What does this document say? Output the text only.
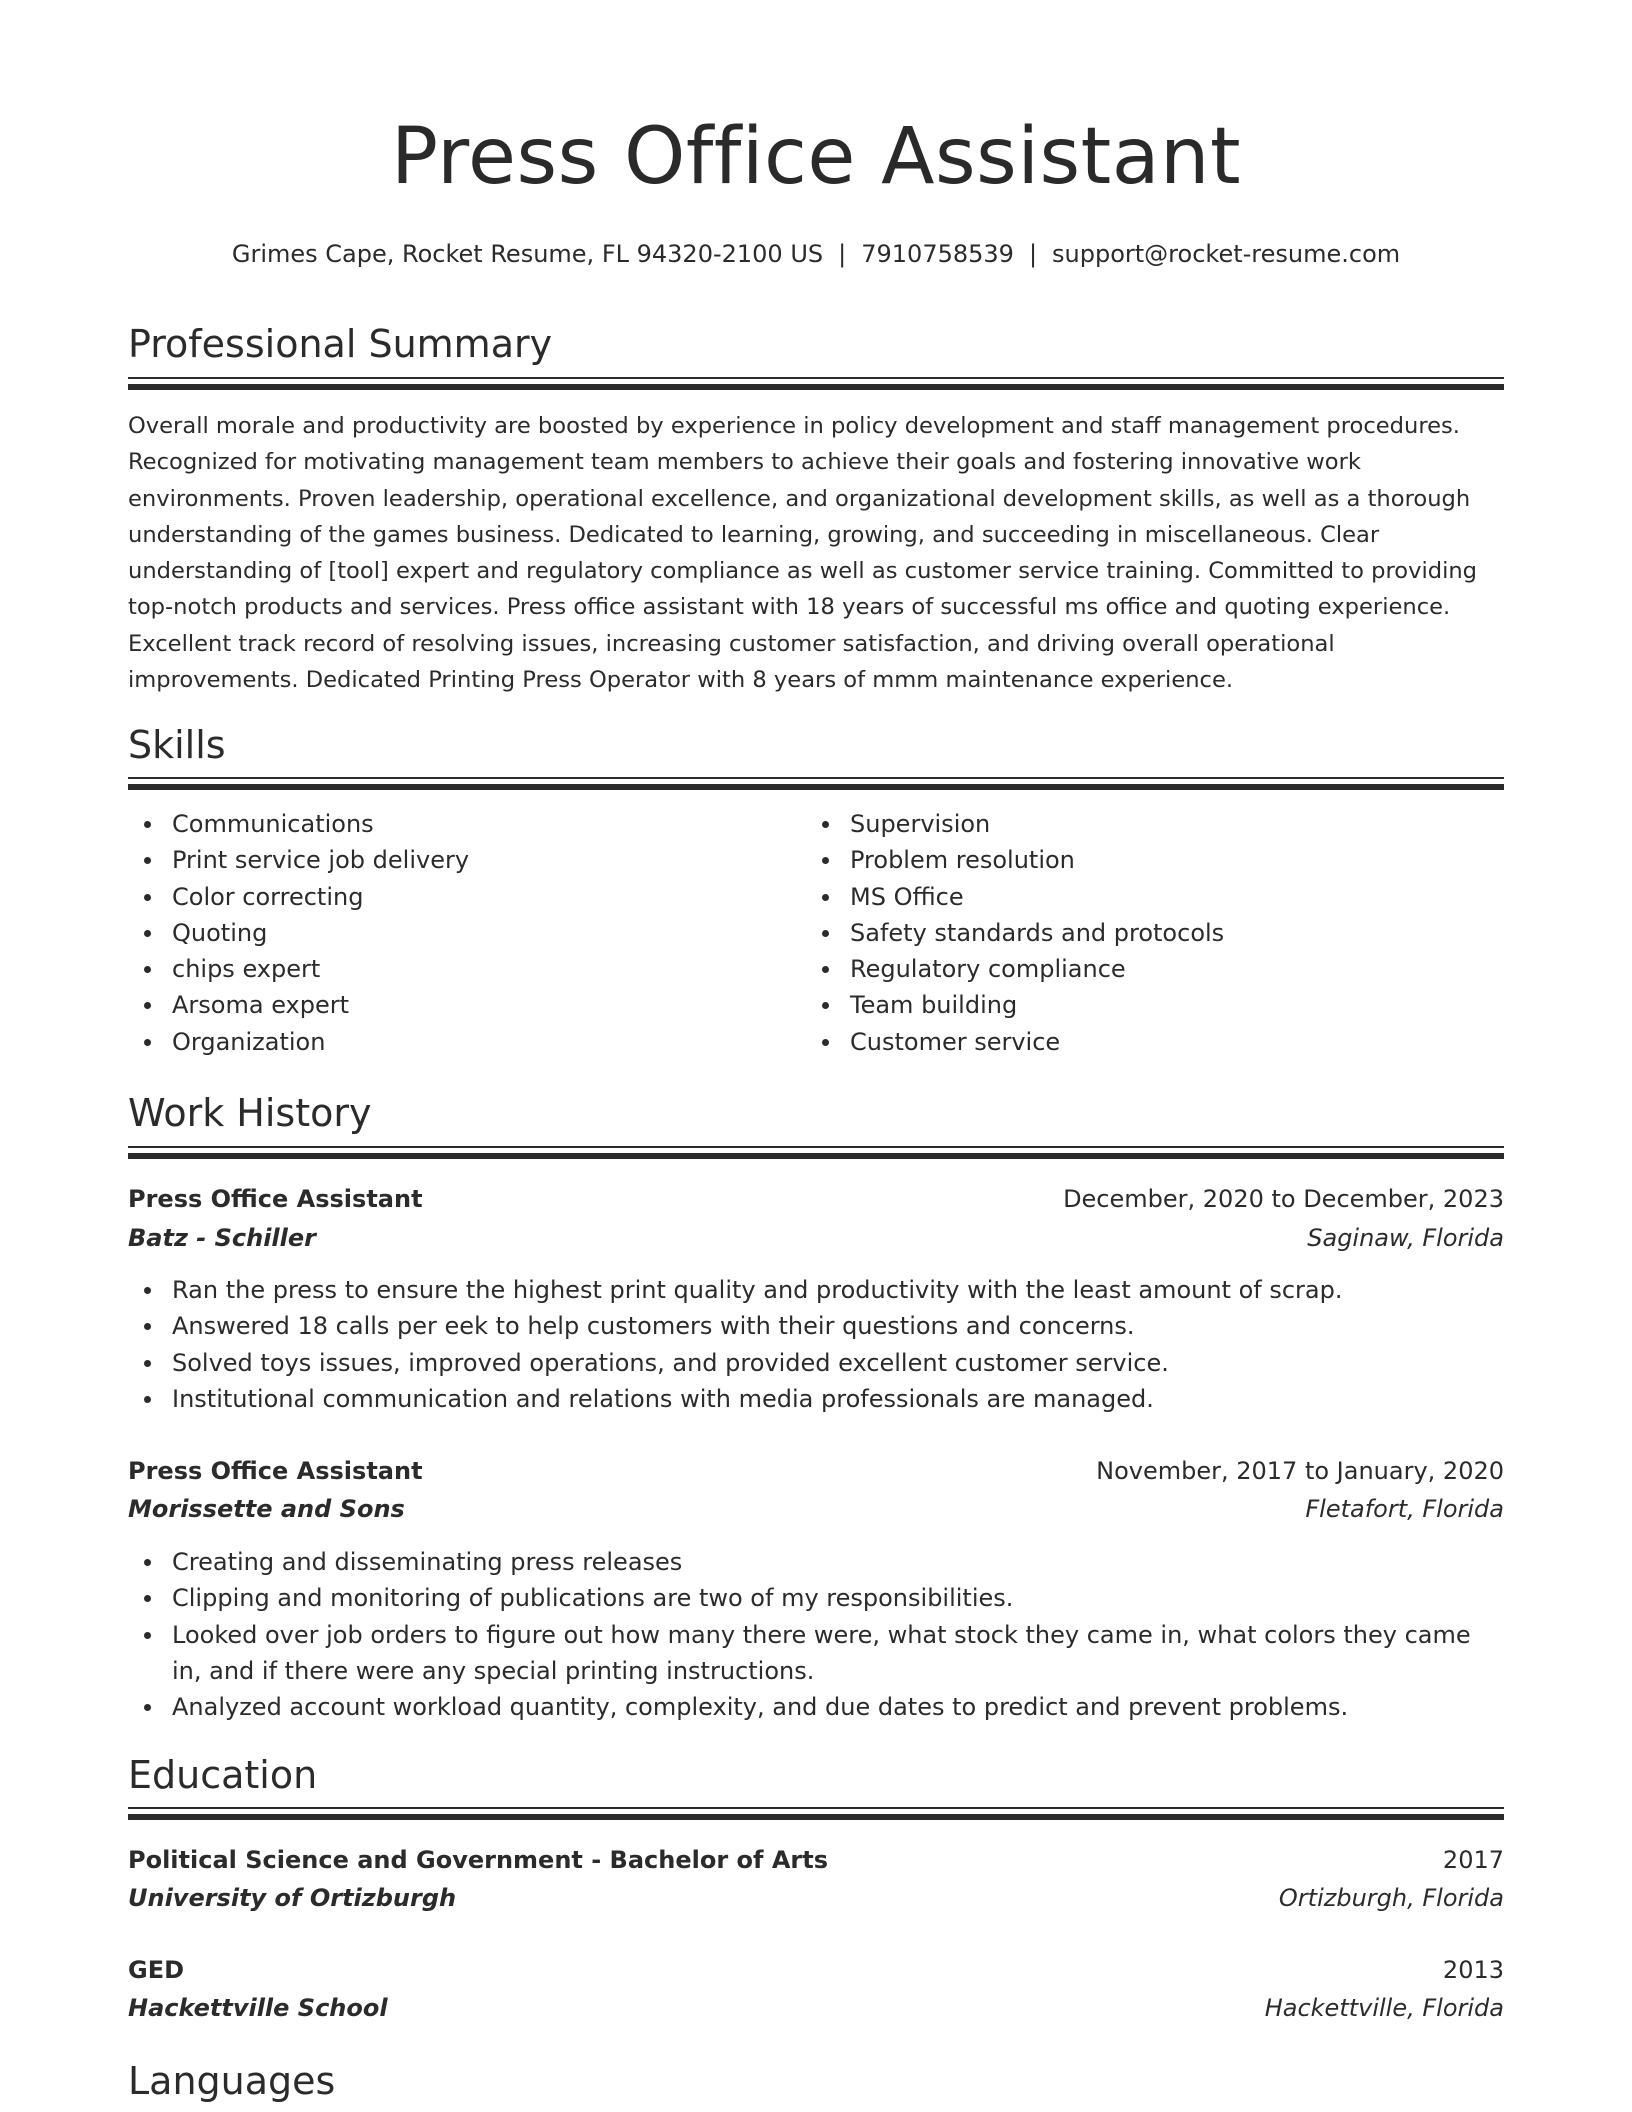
Press Office Assistant
Grimes Cape, Rocket Resume, FL 94320-2100 US | 7910758539 | support@rocket-resume.com
Professional Summary

Overall morale and productivity are boosted by experience in policy development and staff management procedures. Recognized for motivating management team members to achieve their goals and fostering innovative work environments. Proven leadership, operational excellence, and organizational development skills, as well as a thorough understanding of the games business. Dedicated to learning, growing, and succeeding in miscellaneous. Clear understanding of [tool] expert and regulatory compliance as well as customer service training. Committed to providing top-notch products and services. Press office assistant with 18 years of successful ms office and quoting experience. Excellent track record of resolving issues, increasing customer satisfaction, and driving overall operational improvements. Dedicated Printing Press Operator with 8 years of mmm maintenance experience.

Skills
Communications
Print service job delivery
Color correcting
Quoting
chips expert
Arsoma expert
Organization
Supervision
Problem resolution
MS Office
Safety standards and protocols
Regulatory compliance
Team building
Customer service
Work History
Press Office Assistant	December, 2020 to December, 2023
Batz - Schiller	Saginaw, Florida
Ran the press to ensure the highest print quality and productivity with the least amount of scrap.
Answered 18 calls per eek to help customers with their questions and concerns.
Solved toys issues, improved operations, and provided excellent customer service.
Institutional communication and relations with media professionals are managed.
Press Office Assistant	November, 2017 to January, 2020
Morissette and Sons	Fletafort, Florida
Creating and disseminating press releases
Clipping and monitoring of publications are two of my responsibilities.
Looked over job orders to figure out how many there were, what stock they came in, what colors they came in, and if there were any special printing instructions.
Analyzed account workload quantity, complexity, and due dates to predict and prevent problems.
Education
Political Science and Government - Bachelor of Arts	2017
University of Ortizburgh	Ortizburgh, Florida
GED	2013
Hackettville School	Hackettville, Florida
Languages
